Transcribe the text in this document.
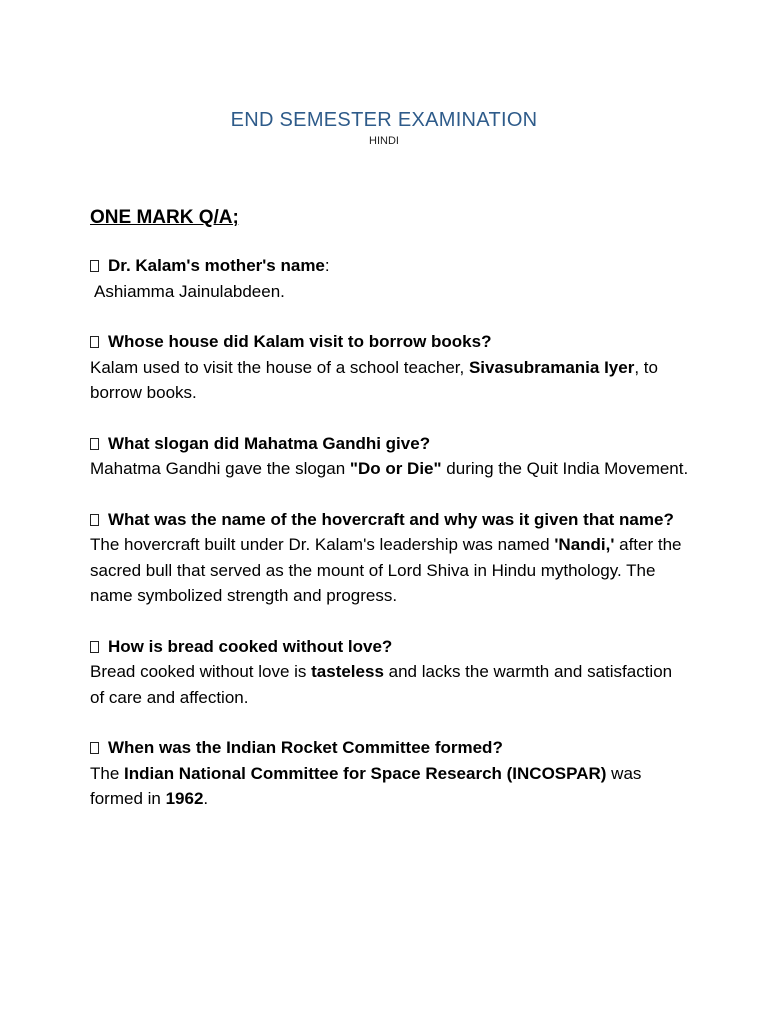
END SEMESTER EXAMINATION
HINDI
ONE MARK Q/A;
Dr. Kalam's mother's name:
Ashiamma Jainulabdeen.
Whose house did Kalam visit to borrow books?
Kalam used to visit the house of a school teacher, Sivasubramania Iyer, to borrow books.
What slogan did Mahatma Gandhi give?
Mahatma Gandhi gave the slogan "Do or Die" during the Quit India Movement.
What was the name of the hovercraft and why was it given that name?
The hovercraft built under Dr. Kalam's leadership was named 'Nandi,' after the sacred bull that served as the mount of Lord Shiva in Hindu mythology. The name symbolized strength and progress.
How is bread cooked without love?
Bread cooked without love is tasteless and lacks the warmth and satisfaction of care and affection.
When was the Indian Rocket Committee formed?
The Indian National Committee for Space Research (INCOSPAR) was formed in 1962.
